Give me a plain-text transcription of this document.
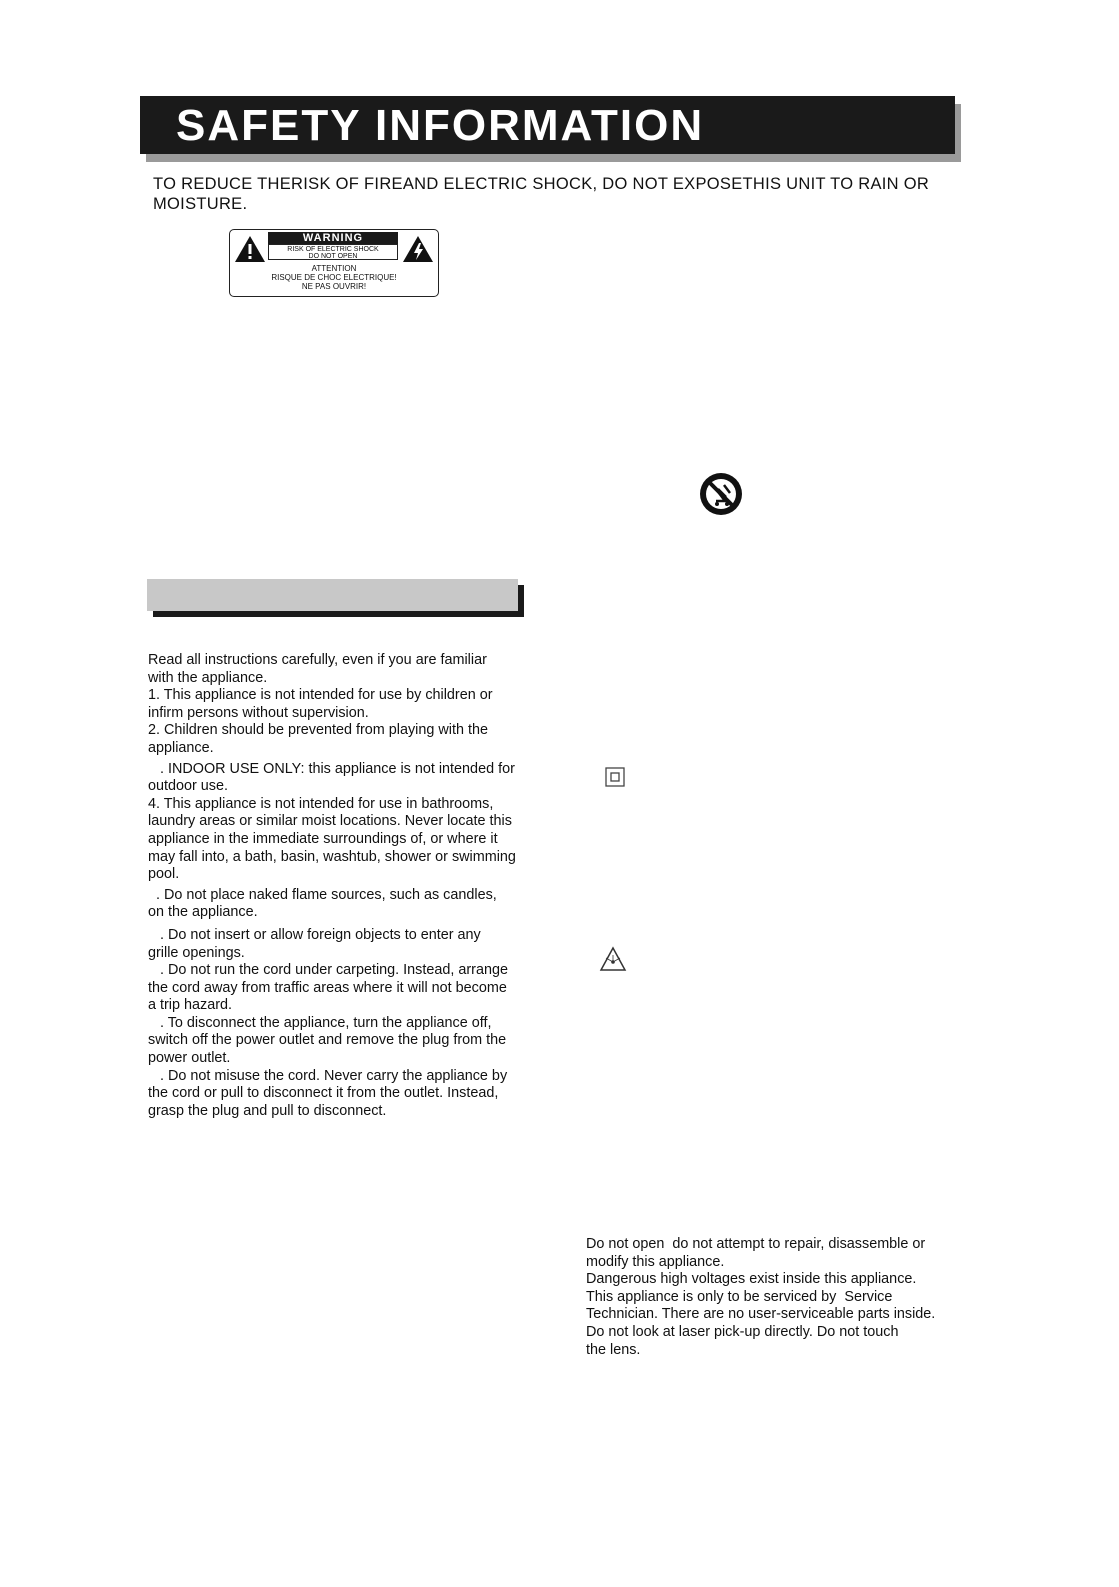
SAFETY INFORMATION
TO REDUCE THERISK OF FIREAND ELECTRIC SHOCK, DO NOT EXPOSETHIS UNIT TO RAIN OR MOISTURE.
WARNING
RISK OF ELECTRIC SHOCK
DO NOT OPEN
ATTENTION
RISQUE DE CHOC ELECTRIQUE!
NE PAS OUVRIR!
Read all instructions carefully, even if you are familiar
with the appliance.
1. This appliance is not intended for use by children or
infirm persons without supervision.
2. Children should be prevented from playing with the
appliance.
. INDOOR USE ONLY: this appliance is not intended for
outdoor use.
4. This appliance is not intended for use in bathrooms,
laundry areas or similar moist locations. Never locate this
appliance in the immediate surroundings of, or where it
may fall into, a bath, basin, washtub, shower or swimming
pool.
. Do not place naked flame sources, such as candles,
on the appliance.
. Do not insert or allow foreign objects to enter any
grille openings.
. Do not run the cord under carpeting. Instead, arrange
the cord away from traffic areas where it will not become
a trip hazard.
. To disconnect the appliance, turn the appliance off,
switch off the power outlet and remove the plug from the
power outlet.
. Do not misuse the cord. Never carry the appliance by
the cord or pull to disconnect it from the outlet. Instead,
grasp the plug and pull to disconnect.
Do not open  do not attempt to repair, disassemble or
modify this appliance.
Dangerous high voltages exist inside this appliance.
This appliance is only to be serviced by  Service
Technician. There are no user-serviceable parts inside.
Do not look at laser pick-up directly. Do not touch
the lens.
